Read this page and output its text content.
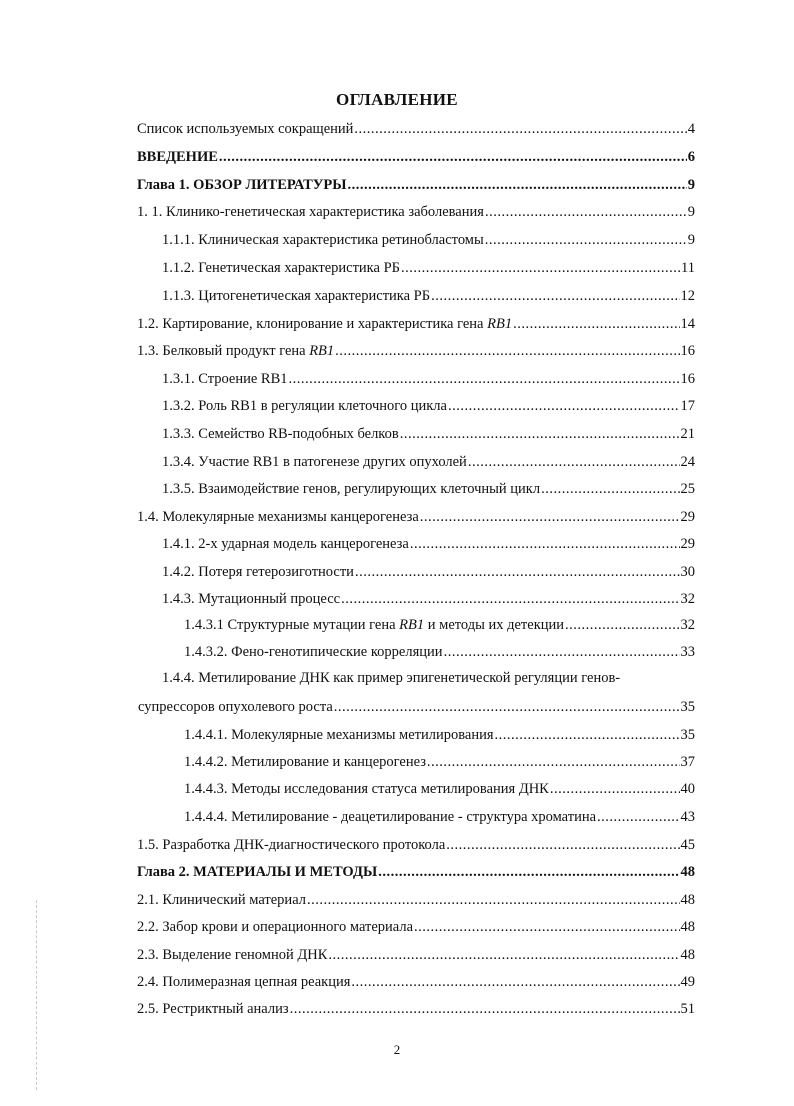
ОГЛАВЛЕНИЕ
Список используемых сокращений .....	4
ВВЕДЕНИЕ .....	6
Глава 1. ОБЗОР ЛИТЕРАТУРЫ .....	9
1. 1. Клинико-генетическая характеристика заболевания .....	9
1.1.1. Клиническая характеристика ретинобластомы .....	9
1.1.2. Генетическая характеристика РБ .....	11
1.1.3. Цитогенетическая характеристика РБ .....	12
1.2. Картирование, клонирование и характеристика гена RB1 .....	14
1.3. Белковый продукт гена RB1 .....	16
1.3.1. Строение RB1 .....	16
1.3.2. Роль RB1 в регуляции клеточного цикла .....	17
1.3.3. Семейство RB-подобных белков .....	21
1.3.4. Участие RB1 в патогенезе других опухолей .....	24
1.3.5. Взаимодействие генов, регулирующих клеточный цикл .....	25
1.4. Молекулярные механизмы канцерогенеза .....	29
1.4.1. 2-х ударная модель канцерогенеза .....	29
1.4.2. Потеря гетерозиготности .....	30
1.4.3. Мутационный процесс .....	32
1.4.3.1 Структурные мутации гена RB1 и методы их детекции .....	32
1.4.3.2. Фено-генотипические корреляции .....	33
1.4.4. Метилирование ДНК как пример эпигенетической регуляции генов-
супрессоров опухолевого роста .....	35
1.4.4.1. Молекулярные механизмы метилирования .....	35
1.4.4.2. Метилирование и канцерогенез .....	37
1.4.4.3. Методы исследования статуса метилирования ДНК .....	40
1.4.4.4. Метилирование - деацетилирование - структура хроматина .....	43
1.5. Разработка ДНК-диагностического протокола .....	45
Глава 2. МАТЕРИАЛЫ И МЕТОДЫ .....	48
2.1. Клинический материал .....	48
2.2. Забор крови и операционного материала .....	48
2.3. Выделение геномной ДНК .....	48
2.4. Полимеразная цепная реакция .....	49
2.5. Рестриктный анализ .....	51
2
